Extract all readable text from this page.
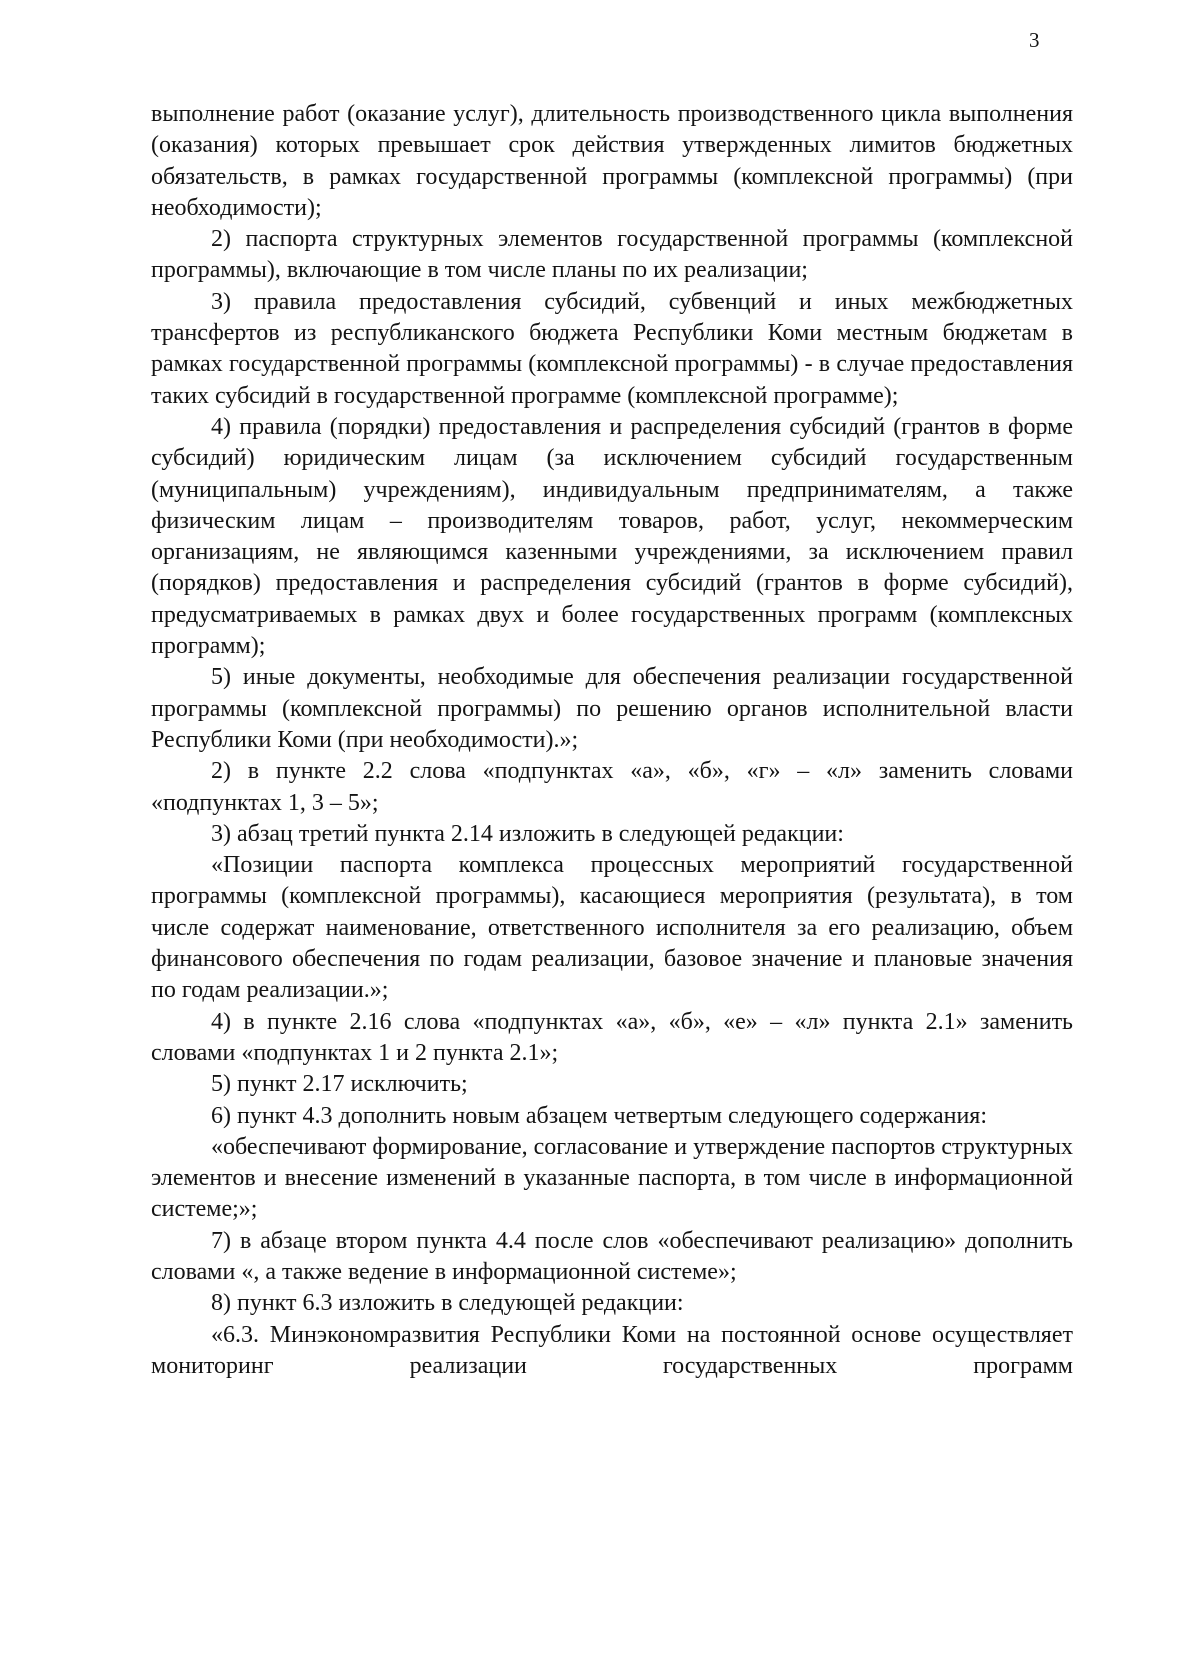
3

выполнение работ (оказание услуг), длительность производственного цикла выполнения (оказания) которых превышает срок действия утвержденных лимитов бюджетных обязательств, в рамках государственной программы (комплексной программы) (при необходимости);

2) паспорта структурных элементов государственной программы (комплексной программы), включающие в том числе планы по их реализации;

3) правила предоставления субсидий, субвенций и иных межбюджетных трансфертов из республиканского бюджета Республики Коми местным бюджетам в рамках государственной программы (комплексной программы) - в случае предоставления таких субсидий в государственной программе (комплексной программе);

4) правила (порядки) предоставления и распределения субсидий (грантов в форме субсидий) юридическим лицам (за исключением субсидий государственным (муниципальным) учреждениям), индивидуальным предпринимателям, а также физическим лицам – производителям товаров, работ, услуг, некоммерческим организациям, не являющимся казенными учреждениями, за исключением правил (порядков) предоставления и распределения субсидий (грантов в форме субсидий), предусматриваемых в рамках двух и более государственных программ (комплексных программ);

5) иные документы, необходимые для обеспечения реализации государственной программы (комплексной программы) по решению органов исполнительной власти Республики Коми (при необходимости).»;

2) в пункте 2.2 слова «подпунктах «а», «б», «г» – «л» заменить словами «подпунктах 1, 3 – 5»;

3) абзац третий пункта 2.14 изложить в следующей редакции:

«Позиции паспорта комплекса процессных мероприятий государственной программы (комплексной программы), касающиеся мероприятия (результата), в том числе содержат наименование, ответственного исполнителя за его реализацию, объем финансового обеспечения по годам реализации, базовое значение и плановые значения по годам реализации.»;

4) в пункте 2.16 слова «подпунктах «а», «б», «е» – «л» пункта 2.1» заменить словами «подпунктах 1 и 2 пункта 2.1»;

5) пункт 2.17 исключить;

6) пункт 4.3 дополнить новым абзацем четвертым следующего содержания:

«обеспечивают формирование, согласование и утверждение паспортов структурных элементов и внесение изменений в указанные паспорта, в том числе в информационной системе;»;

7) в абзаце втором пункта 4.4 после слов «обеспечивают реализацию» дополнить словами «, а также ведение в информационной системе»;

8) пункт 6.3 изложить в следующей редакции:

«6.3. Минэкономразвития Республики Коми на постоянной основе осуществляет мониторинг реализации государственных программ
